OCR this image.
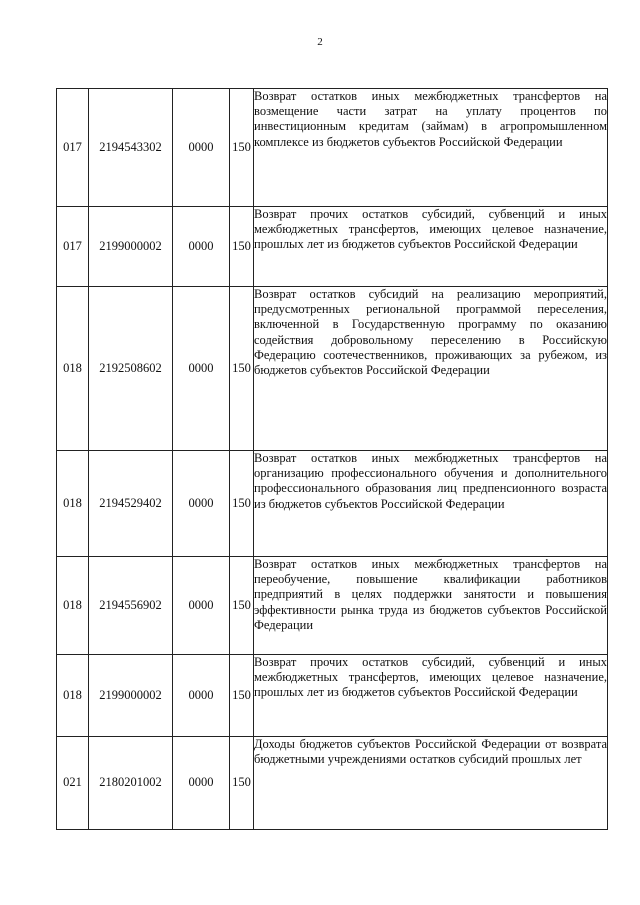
2
017	2194543302	0000	150	Возврат остатков иных межбюджетных трансфертов на возмещение части затрат на уплату процентов по инвестиционным кредитам (займам) в агропромышленном комплексе из бюджетов субъектов Российской Федерации
017	2199000002	0000	150	Возврат прочих остатков субсидий, субвенций и иных межбюджетных трансфертов, имеющих целевое назначение, прошлых лет из бюджетов субъектов Российской Федерации
018	2192508602	0000	150	Возврат остатков субсидий на реализацию мероприятий, предусмотренных региональной программой переселения, включенной в Государственную программу по оказанию содействия добровольному переселению в Российскую Федерацию соотечественников, проживающих за рубежом, из бюджетов субъектов Российской Федерации
018	2194529402	0000	150	Возврат остатков иных межбюджетных трансфертов на организацию профессионального обучения и дополнительного профессионального образования лиц предпенсионного возраста из бюджетов субъектов Российской Федерации
018	2194556902	0000	150	Возврат остатков иных межбюджетных трансфертов на переобучение, повышение квалификации работников предприятий в целях поддержки занятости и повышения эффективности рынка труда из бюджетов субъектов Российской Федерации
018	2199000002	0000	150	Возврат прочих остатков субсидий, субвенций и иных межбюджетных трансфертов, имеющих целевое назначение, прошлых лет из бюджетов субъектов Российской Федерации
021	2180201002	0000	150	Доходы бюджетов субъектов Российской Федерации от возврата бюджетными учреждениями остатков субсидий прошлых лет
